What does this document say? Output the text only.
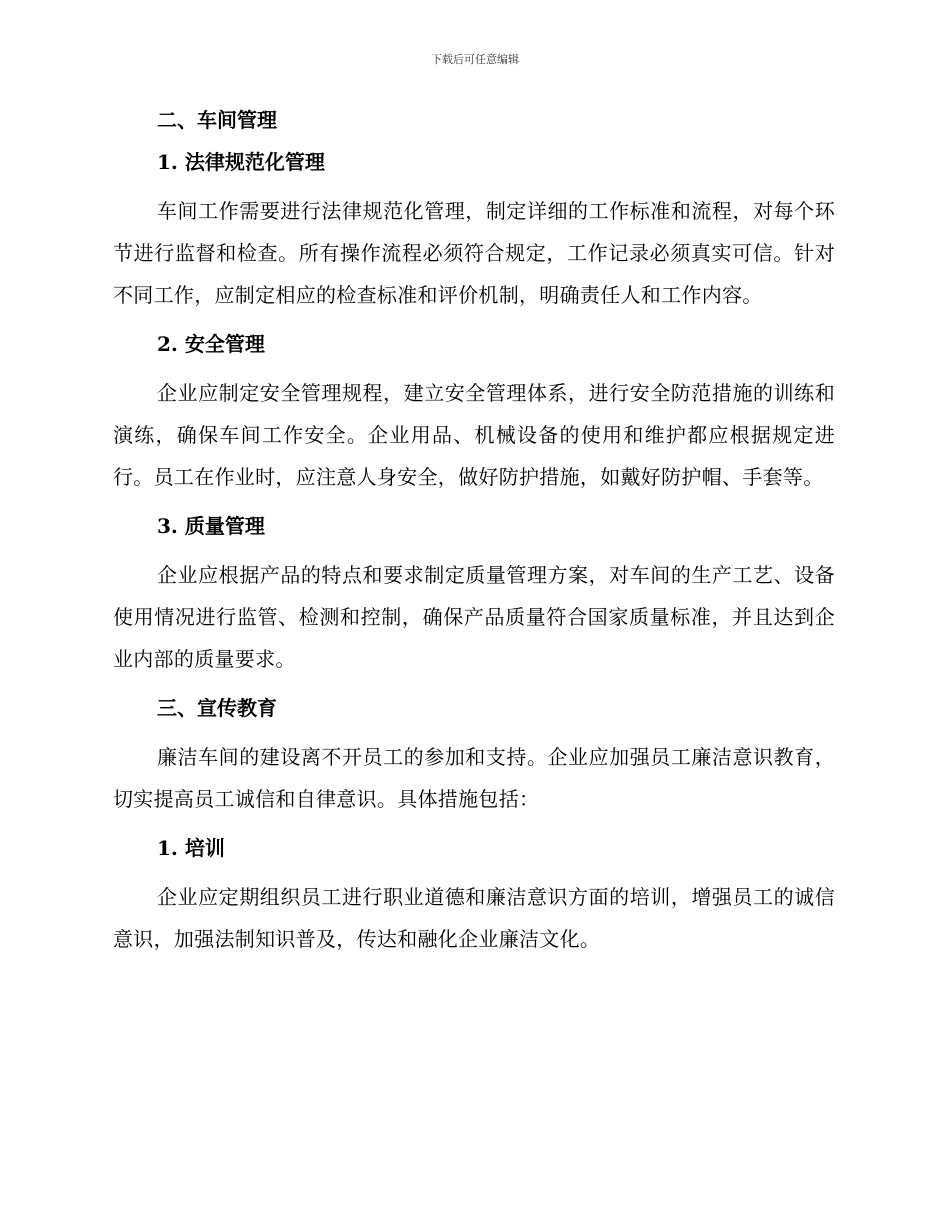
下载后可任意编辑
二、车间管理
1. 法律规范化管理

车间工作需要进行法律规范化管理，制定详细的工作标准和流程，对每个环节进行监督和检查。所有操作流程必须符合规定，工作记录必须真实可信。针对不同工作，应制定相应的检查标准和评价机制，明确责任人和工作内容。

2. 安全管理

企业应制定安全管理规程，建立安全管理体系，进行安全防范措施的训练和演练，确保车间工作安全。企业用品、机械设备的使用和维护都应根据规定进行。员工在作业时，应注意人身安全，做好防护措施，如戴好防护帽、手套等。

3. 质量管理

企业应根据产品的特点和要求制定质量管理方案，对车间的生产工艺、设备使用情况进行监管、检测和控制，确保产品质量符合国家质量标准，并且达到企业内部的质量要求。

三、宣传教育

廉洁车间的建设离不开员工的参加和支持。企业应加强员工廉洁意识教育，切实提高员工诚信和自律意识。具体措施包括：

1. 培训

企业应定期组织员工进行职业道德和廉洁意识方面的培训，增强员工的诚信意识，加强法制知识普及，传达和融化企业廉洁文化。
